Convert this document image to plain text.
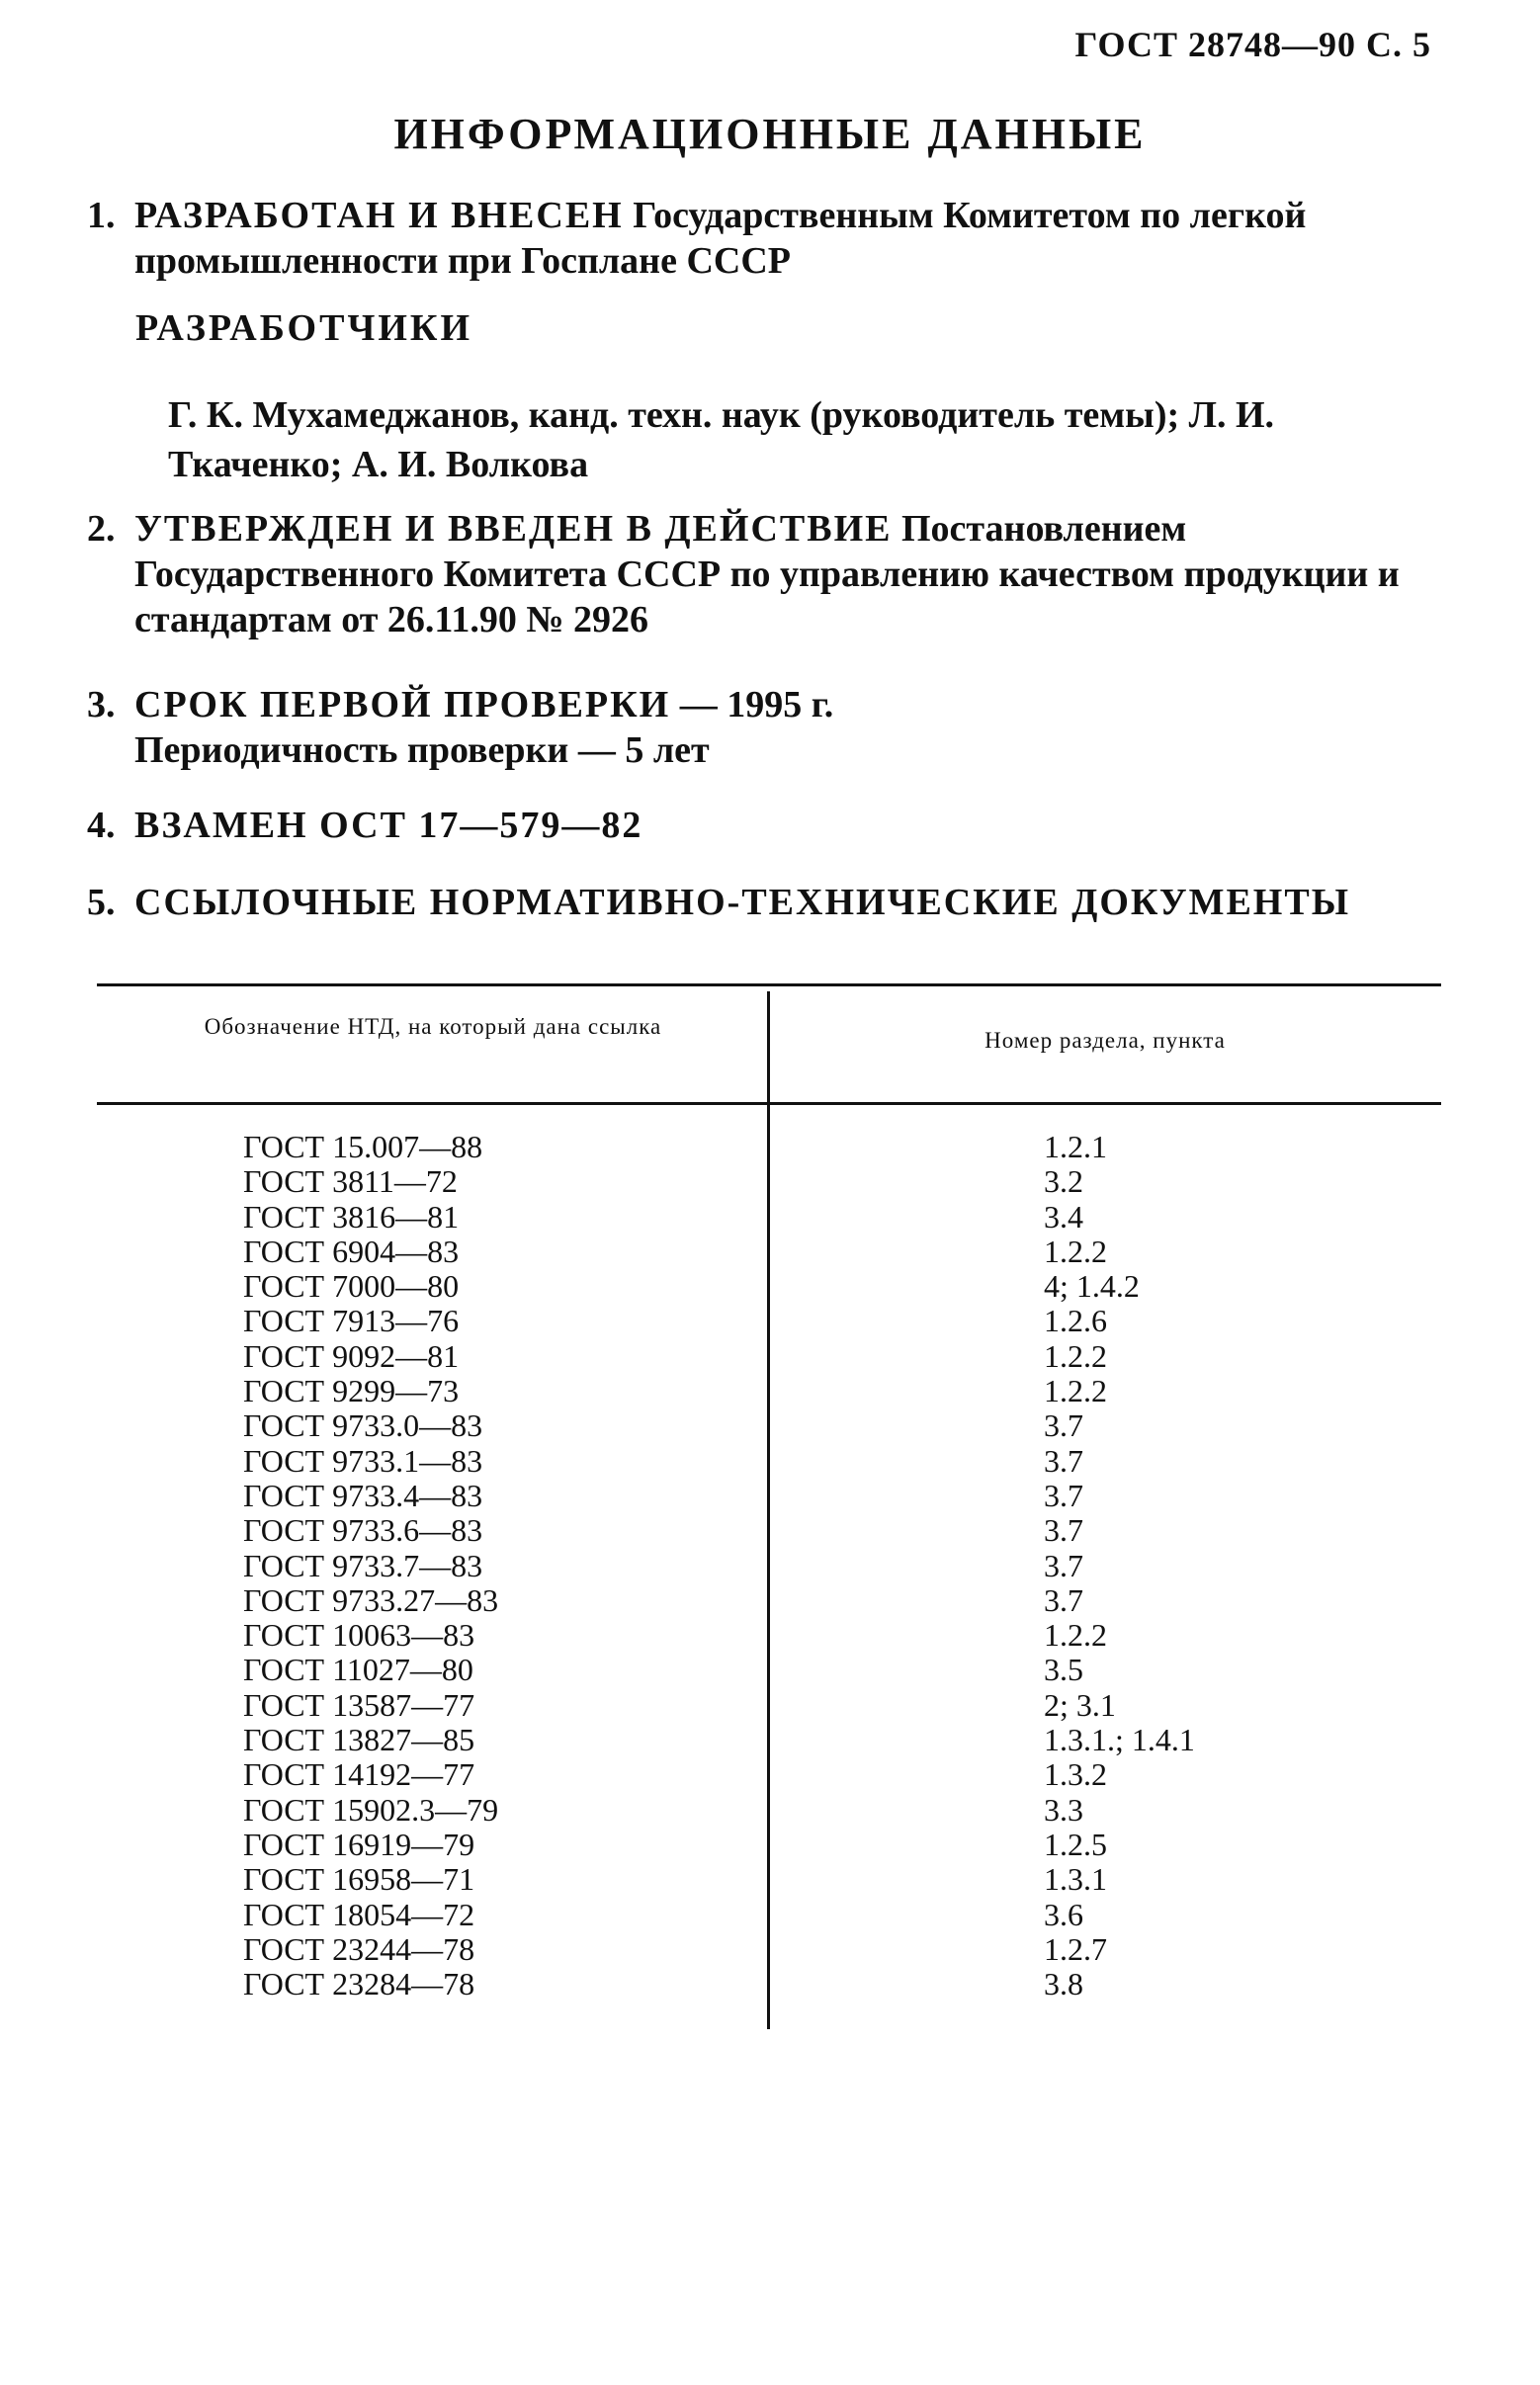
ГОСТ 28748—90 С. 5
ИНФОРМАЦИОННЫЕ ДАННЫЕ
1. РАЗРАБОТАН И ВНЕСЕН Государственным Комитетом по легкой промышленности при Госплане СССР
РАЗРАБОТЧИКИ
Г. К. Мухамеджанов, канд. техн. наук (руководитель темы); Л. И. Ткаченко; А. И. Волкова
2. УТВЕРЖДЕН И ВВЕДЕН В ДЕЙСТВИЕ Постановлением Государственного Комитета СССР по управлению качеством продукции и стандартам от 26.11.90 № 2926
3. СРОК ПЕРВОЙ ПРОВЕРКИ — 1995 г.
Периодичность проверки — 5 лет
4. ВЗАМЕН ОСТ 17—579—82
5. ССЫЛОЧНЫЕ НОРМАТИВНО-ТЕХНИЧЕСКИЕ ДОКУМЕНТЫ
Обозначение НТД, на который дана ссылка
Номер раздела, пункта
ГОСТ 15.007—88	1.2.1
ГОСТ 3811—72	3.2
ГОСТ 3816—81	3.4
ГОСТ 6904—83	1.2.2
ГОСТ 7000—80	4; 1.4.2
ГОСТ 7913—76	1.2.6
ГОСТ 9092—81	1.2.2
ГОСТ 9299—73	1.2.2
ГОСТ 9733.0—83	3.7
ГОСТ 9733.1—83	3.7
ГОСТ 9733.4—83	3.7
ГОСТ 9733.6—83	3.7
ГОСТ 9733.7—83	3.7
ГОСТ 9733.27—83	3.7
ГОСТ 10063—83	1.2.2
ГОСТ 11027—80	3.5
ГОСТ 13587—77	2; 3.1
ГОСТ 13827—85	1.3.1.; 1.4.1
ГОСТ 14192—77	1.3.2
ГОСТ 15902.3—79	3.3
ГОСТ 16919—79	1.2.5
ГОСТ 16958—71	1.3.1
ГОСТ 18054—72	3.6
ГОСТ 23244—78	1.2.7
ГОСТ 23284—78	3.8
